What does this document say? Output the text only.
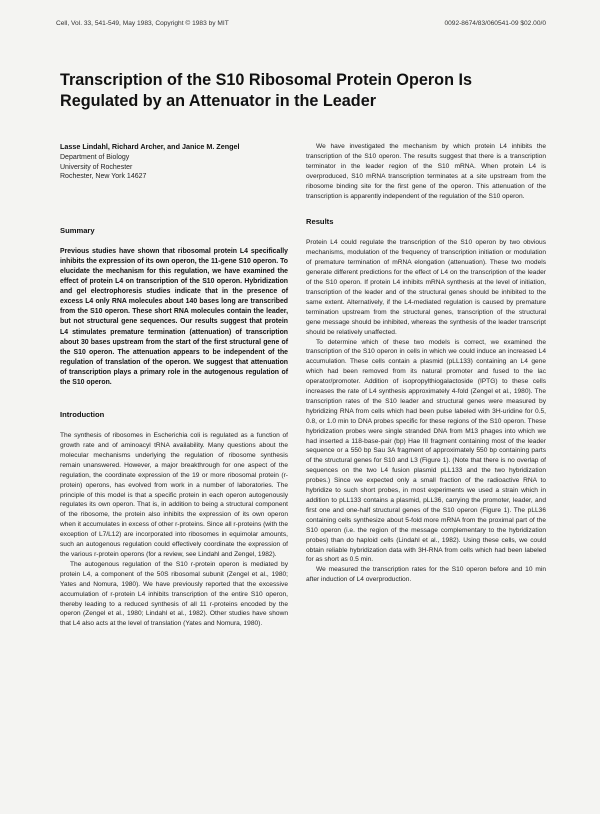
Cell, Vol. 33, 541-549, May 1983, Copyright © 1983 by MIT	0092-8674/83/060541-09 $02.00/0
Transcription of the S10 Ribosomal Protein Operon Is Regulated by an Attenuator in the Leader
Lasse Lindahl, Richard Archer, and Janice M. Zengel
Department of Biology
University of Rochester
Rochester, New York 14627
Summary

Previous studies have shown that ribosomal protein L4 specifically inhibits the expression of its own operon, the 11-gene S10 operon. To elucidate the mechanism for this regulation, we have examined the effect of protein L4 on transcription of the S10 operon. Hybridization and gel electrophoresis studies indicate that in the presence of excess L4 only RNA molecules about 140 bases long are transcribed from the S10 operon. These short RNA molecules contain the leader, but not structural gene sequences. Our results suggest that protein L4 stimulates premature termination (attenuation) of transcription about 30 bases upstream from the start of the first structural gene of the S10 operon. The attenuation appears to be independent of the regulation of translation of the operon. We suggest that attenuation of transcription plays a primary role in the autogenous regulation of the S10 operon.

Introduction

The synthesis of ribosomes in Escherichia coli is regulated as a function of growth rate and of aminoacyl tRNA availability. Many questions about the molecular mechanisms underlying the regulation of ribosome synthesis remain unanswered. However, a major breakthrough for one aspect of the regulation, the coordinate expression of the 19 or more ribosomal protein (r-protein) operons, has evolved from work in a number of laboratories. The principle of this model is that a specific protein in each operon autogenously regulates its own operon. That is, in addition to being a structural component of the ribosome, the protein also inhibits the expression of its own operon when it accumulates in excess of other r-proteins. Since all r-proteins (with the exception of L7/L12) are incorporated into ribosomes in equimolar amounts, such an autogenous regulation could effectively coordinate the expression of the various r-protein operons (for a review, see Lindahl and Zengel, 1982).

The autogenous regulation of the S10 r-protein operon is mediated by protein L4, a component of the 50S ribosomal subunit (Zengel et al., 1980; Yates and Nomura, 1980). We have previously reported that the excessive accumulation of r-protein L4 inhibits transcription of the entire S10 operon, thereby leading to a reduced synthesis of all 11 r-proteins encoded by the operon (Zengel et al., 1980; Lindahl et al., 1982). Other studies have shown that L4 also acts at the level of translation (Yates and Nomura, 1980).

We have investigated the mechanism by which protein L4 inhibits the transcription of the S10 operon. The results suggest that there is a transcription terminator in the leader region of the S10 mRNA. When protein L4 is overproduced, S10 mRNA transcription terminates at a site upstream from the ribosome binding site for the first gene of the operon. This attenuation of the transcription is apparently independent of the regulation of the S10 operon.

Results

Protein L4 could regulate the transcription of the S10 operon by two obvious mechanisms, modulation of the frequency of transcription initiation or modulation of premature termination of mRNA elongation (attenuation). These two models generate different predictions for the effect of L4 on the transcription of the leader of the S10 operon. If protein L4 inhibits mRNA synthesis at the level of initiation, transcription of the leader and of the structural genes should be inhibited to the same extent. Alternatively, if the L4-mediated regulation is caused by premature termination upstream from the structural genes, transcription of the structural gene message should be inhibited, whereas the synthesis of the leader transcript should be relatively unaffected.

To determine which of these two models is correct, we examined the transcription of the S10 operon in cells in which we could induce an increased L4 accumulation. These cells contain a plasmid (pLL133) containing an L4 gene which had been removed from its natural promoter and fused to the lac operator/promoter. Addition of isopropylthiogalactoside (IPTG) to these cells increases the rate of L4 synthesis approximately 4-fold (Zengel et al., 1980). The transcription rates of the S10 leader and structural genes were measured by hybridizing RNA from cells which had been pulse labeled with 3H-uridine for 0.5, 0.8, or 1.0 min to DNA probes specific for these regions of the S10 operon. These hybridization probes were single stranded DNA from M13 phages into which we had inserted a 118-base-pair (bp) Hae III fragment containing most of the leader sequence or a 550 bp Sau 3A fragment of approximately 550 bp containing parts of the structural genes for S10 and L3 (Figure 1). (Note that there is no overlap of sequences on the two L4 fusion plasmid pLL133 and the two hybridization probes.) Since we expected only a small fraction of the radioactive RNA to hybridize to such short probes, in most experiments we used a strain which in addition to pLL133 contains a plasmid, pLL36, carrying the promoter, leader, and first one and one-half structural genes of the S10 operon (Figure 1). The pLL36 containing cells synthesize about 5-fold more mRNA from the proximal part of the S10 operon (i.e. the region of the message complementary to the hybridization probes) than do haploid cells (Lindahl et al., 1982). Using these cells, we could obtain reliable hybridization data with 3H-RNA from cells which had been labeled for as short as 0.5 min.

We measured the transcription rates for the S10 operon before and 10 min after induction of L4 overproduction.
